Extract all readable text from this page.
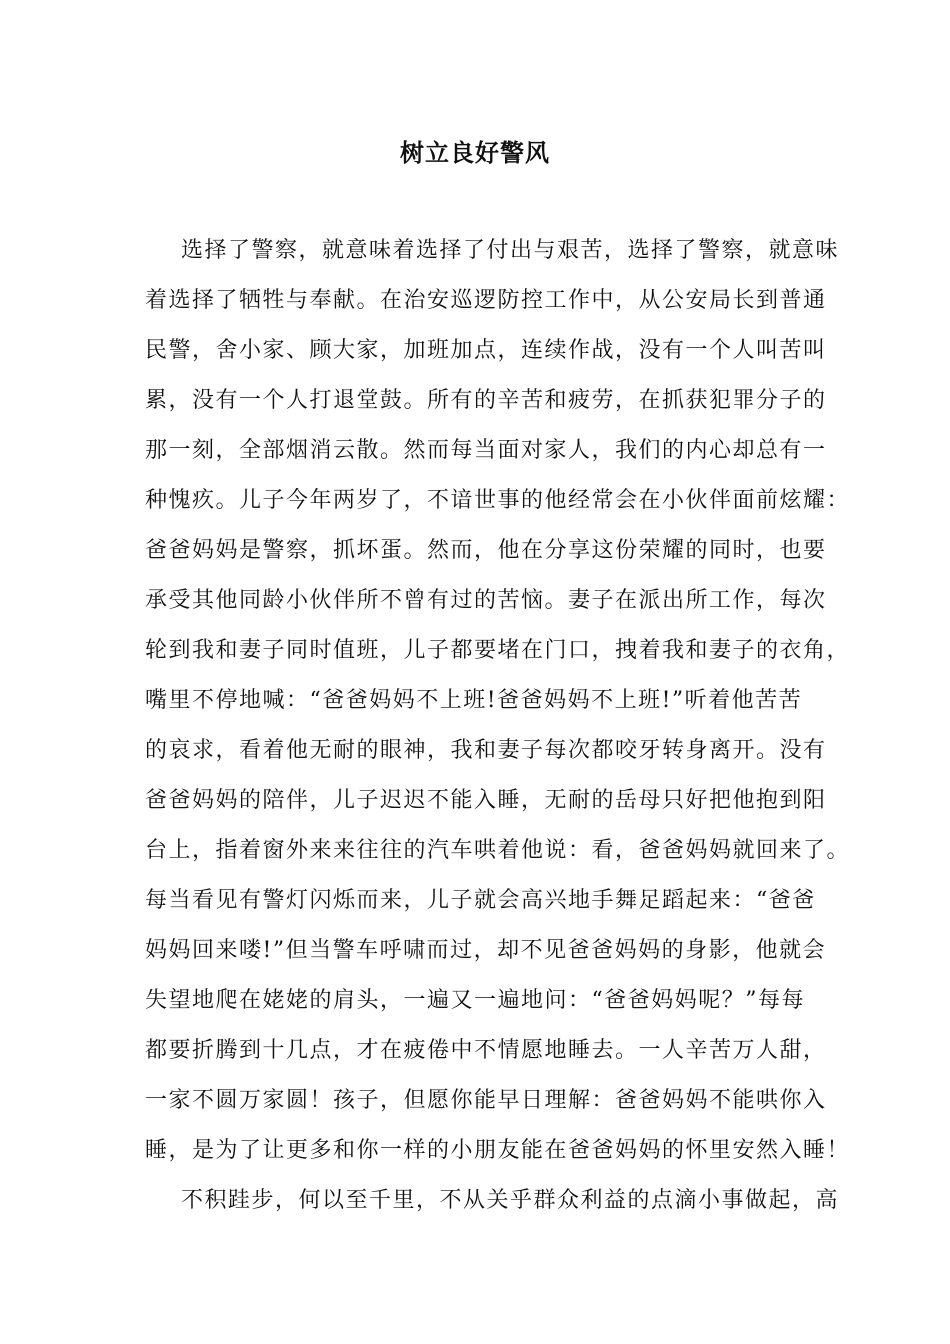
树立良好警风
选择了警察，就意味着选择了付出与艰苦，选择了警察，就意味
着选择了牺牲与奉献。在治安巡逻防控工作中，从公安局长到普通
民警，舍小家、顾大家，加班加点，连续作战，没有一个人叫苦叫
累，没有一个人打退堂鼓。所有的辛苦和疲劳，在抓获犯罪分子的
那一刻，全部烟消云散。然而每当面对家人，我们的内心却总有一
种愧疚。儿子今年两岁了，不谙世事的他经常会在小伙伴面前炫耀：
爸爸妈妈是警察，抓坏蛋。然而，他在分享这份荣耀的同时，也要
承受其他同龄小伙伴所不曾有过的苦恼。妻子在派出所工作，每次
轮到我和妻子同时值班，儿子都要堵在门口，拽着我和妻子的衣角，
嘴里不停地喊：“爸爸妈妈不上班!爸爸妈妈不上班!”听着他苦苦
的哀求，看着他无耐的眼神，我和妻子每次都咬牙转身离开。没有
爸爸妈妈的陪伴，儿子迟迟不能入睡，无耐的岳母只好把他抱到阳
台上，指着窗外来来往往的汽车哄着他说：看，爸爸妈妈就回来了。
每当看见有警灯闪烁而来，儿子就会高兴地手舞足蹈起来：“爸爸
妈妈回来喽!”但当警车呼啸而过，却不见爸爸妈妈的身影，他就会
失望地爬在姥姥的肩头，一遍又一遍地问：“爸爸妈妈呢？”每每
都要折腾到十几点，才在疲倦中不情愿地睡去。一人辛苦万人甜，
一家不圆万家圆！孩子，但愿你能早日理解：爸爸妈妈不能哄你入
睡，是为了让更多和你一样的小朋友能在爸爸妈妈的怀里安然入睡！
不积跬步，何以至千里，不从关乎群众利益的点滴小事做起，高
